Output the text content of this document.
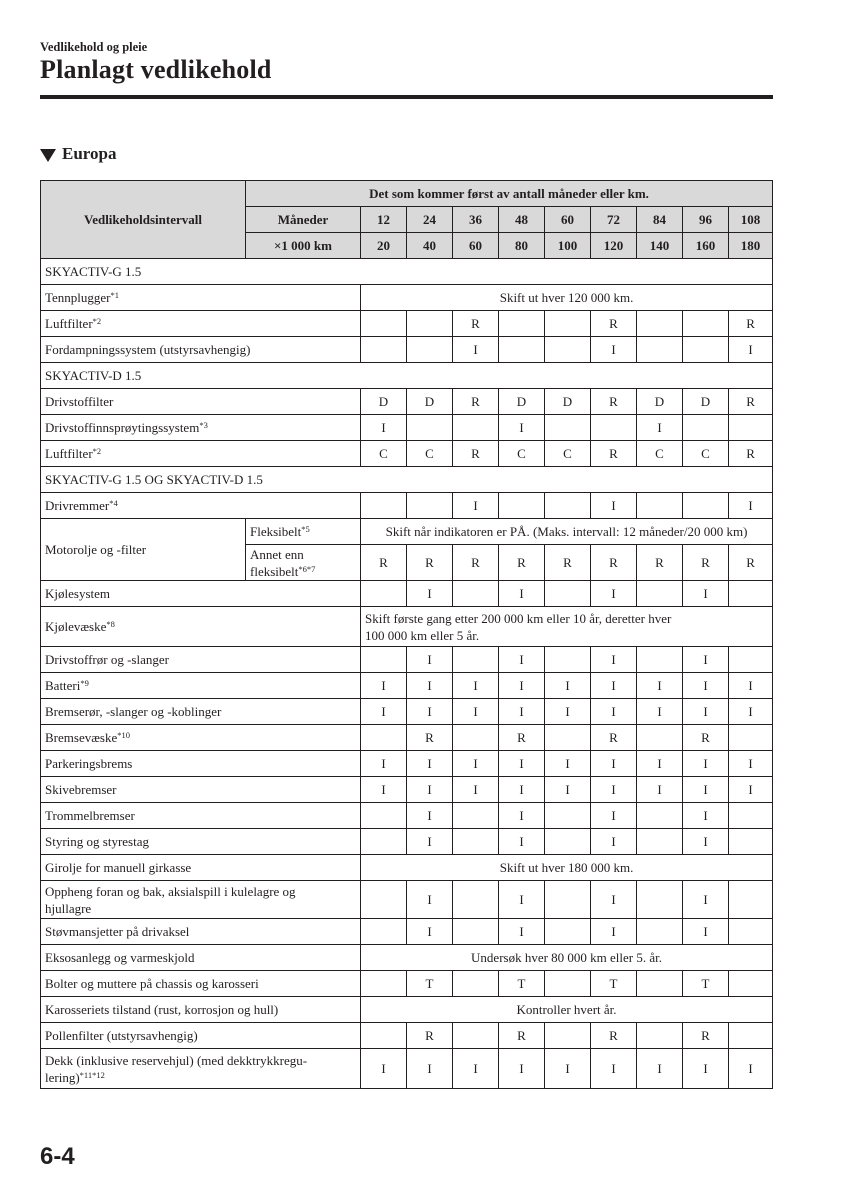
Vedlikehold og pleie
Planlagt vedlikehold
Europa
Vedlikeholdsintervall	Det som kommer først av antall måneder eller km.									
	Måneder	12	24	36	48	60	72	84	96	108
	×1 000 km	20	40	60	80	100	120	140	160	180
SKYACTIV-G 1.5										
Tennplugger$^{*1}$		Skift ut hver 120 000 km.								
Luftfilter$^{*2}$				R			R			R
Fordampningssystem (utstyrsavhengig)				I			I			I
SKYACTIV-D 1.5										
Drivstoffilter		D	D	R	D	D	R	D	D	R
Drivstoffinnsprøytingssystem$^{*3}$		I			I			I		
Luftfilter$^{*2}$		C	C	R	C	C	R	C	C	R
SKYACTIV-G 1.5 OG SKYACTIV-D 1.5										
Drivremmer$^{*4}$				I			I			I
Motorolje og -filter	Fleksibelt$^{*5}$	Skift når indikatoren er PÅ. (Maks. intervall: 12 måneder/20 000 km)								
	Annet enn
fleksibelt$^{*6*7}$	R	R	R	R	R	R	R	R	R
Kjølesystem			I		I		I		I	
Kjølevæske$^{*8}$		Skift første gang etter 200 000 km eller 10 år, deretter hver
100 000 km eller 5 år.								
Drivstoffrør og -slanger			I		I		I		I	
Batteri$^{*9}$		I	I	I	I	I	I	I	I	I
Bremserør, -slanger og -koblinger		I	I	I	I	I	I	I	I	I
Bremsevæske$^{*10}$			R		R		R		R	
Parkeringsbrems		I	I	I	I	I	I	I	I	I
Skivebremser		I	I	I	I	I	I	I	I	I
Trommelbremser			I		I		I		I	
Styring og styrestag			I		I		I		I	
Girolje for manuell girkasse		Skift ut hver 180 000 km.								
Oppheng foran og bak, aksialspill i kulelagre og
hjullagre			I		I		I		I	
Støvmansjetter på drivaksel			I		I		I		I	
Eksosanlegg og varmeskjold		Undersøk hver 80 000 km eller 5. år.								
Bolter og muttere på chassis og karosseri			T		T		T		T	
Karosseriets tilstand (rust, korrosjon og hull)		Kontroller hvert år.								
Pollenfilter (utstyrsavhengig)			R		R		R		R	
Dekk (inklusive reservehjul) (med dekktrykkregu-
lering)$^{*11*12}$		I	I	I	I	I	I	I	I	I
6-4
